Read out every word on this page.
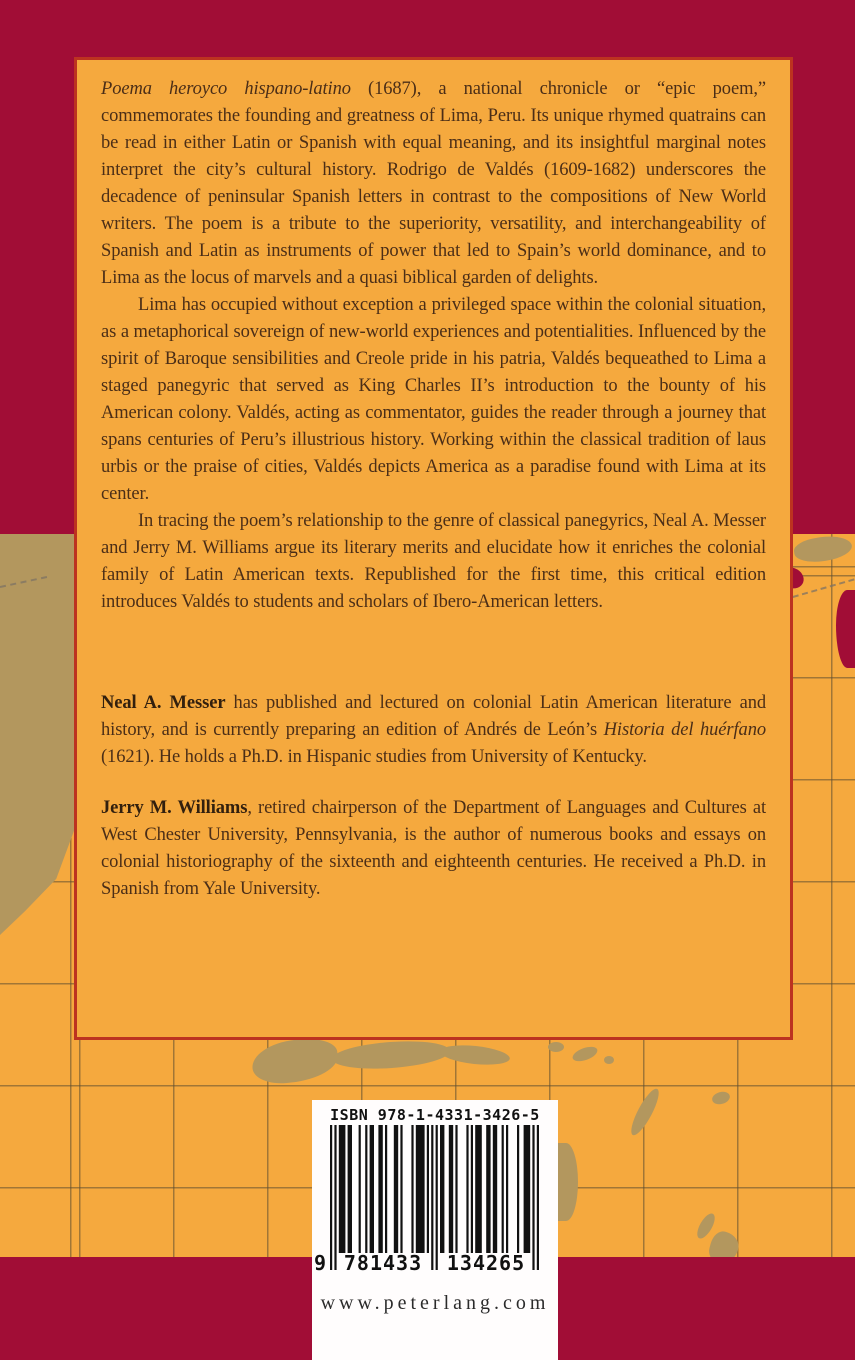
Poema heroyco hispano-latino (1687), a national chronicle or “epic poem,” commemorates the founding and greatness of Lima, Peru. Its unique rhymed quatrains can be read in either Latin or Spanish with equal meaning, and its insightful marginal notes interpret the city’s cultural history. Rodrigo de Valdés (1609-1682) underscores the decadence of peninsular Spanish letters in contrast to the compositions of New World writers. The poem is a tribute to the superiority, versatility, and interchangeability of Spanish and Latin as instruments of power that led to Spain’s world dominance, and to Lima as the locus of marvels and a quasi biblical garden of delights.

Lima has occupied without exception a privileged space within the colonial situation, as a metaphorical sovereign of new-world experiences and potentialities. Influenced by the spirit of Baroque sensibilities and Creole pride in his patria, Valdés bequeathed to Lima a staged panegyric that served as King Charles II’s introduction to the bounty of his American colony. Valdés, acting as commentator, guides the reader through a journey that spans centuries of Peru’s illustrious history. Working within the classical tradition of laus urbis or the praise of cities, Valdés depicts America as a paradise found with Lima at its center.

In tracing the poem’s relationship to the genre of classical panegyrics, Neal A. Messer and Jerry M. Williams argue its literary merits and elucidate how it enriches the colonial family of Latin American texts. Republished for the first time, this critical edition introduces Valdés to students and scholars of Ibero-American letters.

Neal A. Messer has published and lectured on colonial Latin American literature and history, and is currently preparing an edition of Andrés de León’s Historia del huérfano (1621). He holds a Ph.D. in Hispanic studies from University of Kentucky.

Jerry M. Williams, retired chairperson of the Department of Languages and Cultures at West Chester University, Pennsylvania, is the author of numerous books and essays on colonial historiography of the sixteenth and eighteenth centuries. He received a Ph.D. in Spanish from Yale University.

ISBN 978-1-4331-3426-5
9 781433	134265
www.peterlang.com
